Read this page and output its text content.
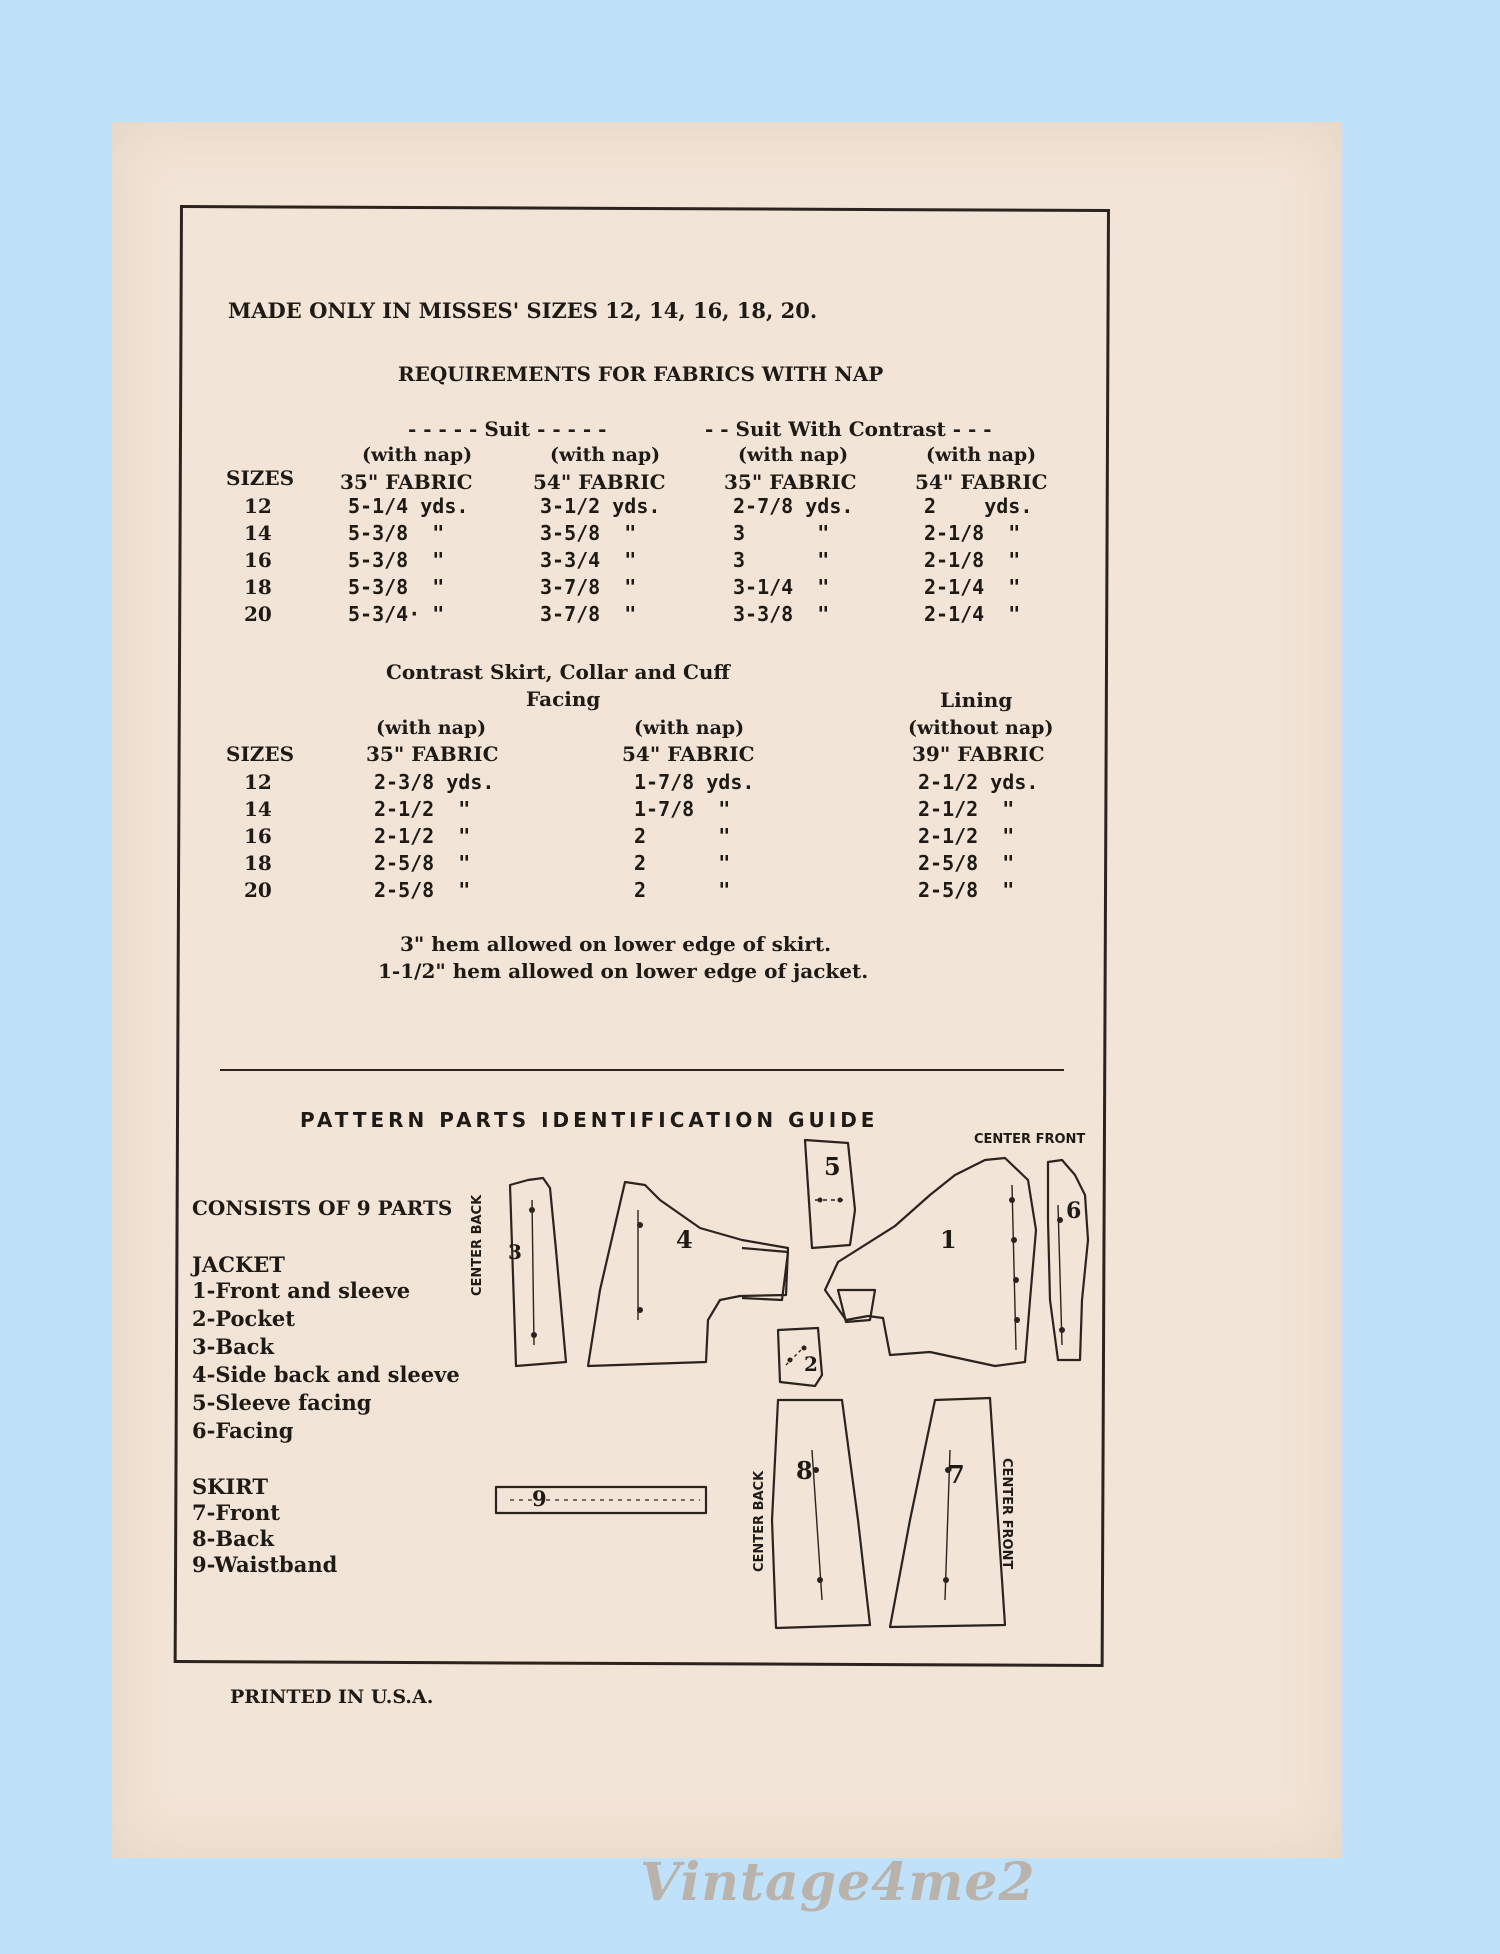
MADE ONLY IN MISSES' SIZES 12, 14, 16, 18, 20.
REQUIREMENTS FOR FABRICS WITH NAP
- - - - - Suit - - - - -	- - Suit With Contrast - - -
(with nap)	(with nap)	(with nap)	(with nap)
SIZES 35" FABRIC	54" FABRIC	35" FABRIC	54" FABRIC
12	5-1/4 yds.	3-1/2 yds.	2-7/8 yds.	2    yds.
14	5-3/8  "	3-5/8  "	3      "	2-1/8  "
16	5-3/8  "	3-3/4  "	3      "	2-1/8  "
18	5-3/8  "	3-7/8  "	3-1/4  "	2-1/4  "
20	5-3/4· "	3-7/8  "	3-3/8  "	2-1/4  "
Contrast Skirt, Collar and Cuff
Facing	Lining
(with nap)	(with nap)	(without nap)
SIZES	35" FABRIC	54" FABRIC	39" FABRIC
12	2-3/8 yds.	1-7/8 yds.	2-1/2 yds.
14	2-1/2  "	1-7/8  "	2-1/2  "
16	2-1/2  "	2      "	2-1/2  "
18	2-5/8  "	2      "	2-5/8  "
20	2-5/8  "	2      "	2-5/8  "
3" hem allowed on lower edge of skirt.
1-1/2" hem allowed on lower edge of jacket.
PATTERN PARTS IDENTIFICATION GUIDE
CENTER FRONT
CONSISTS OF 9 PARTS
JACKET
1-Front and sleeve
2-Pocket
3-Back
4-Side back and sleeve
5-Sleeve facing
6-Facing
SKIRT
7-Front
8-Back
9-Waistband
3	4
5
1
6
2
9
8	7
CENTER BACK
CENTER BACK	CENTER FRONT
PRINTED IN U.S.A.
Vintage4me2
